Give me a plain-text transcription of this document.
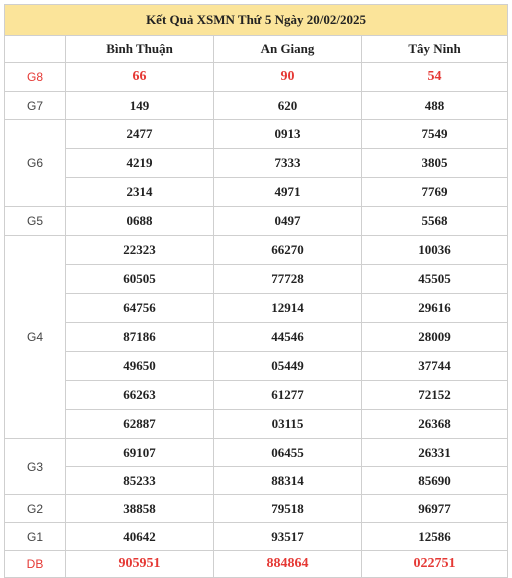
Kết Quả XSMN Thứ 5 Ngày 20/02/2025			
	Bình Thuận	An Giang	Tây Ninh
G8	66	90	54
G7	149	620	488
G6	2477	0913	7549
	4219	7333	3805
	2314	4971	7769
G5	0688	0497	5568
G4	22323	66270	10036
	60505	77728	45505
	64756	12914	29616
	87186	44546	28009
	49650	05449	37744
	66263	61277	72152
	62887	03115	26368
G3	69107	06455	26331
	85233	88314	85690
G2	38858	79518	96977
G1	40642	93517	12586
DB	905951	884864	022751
